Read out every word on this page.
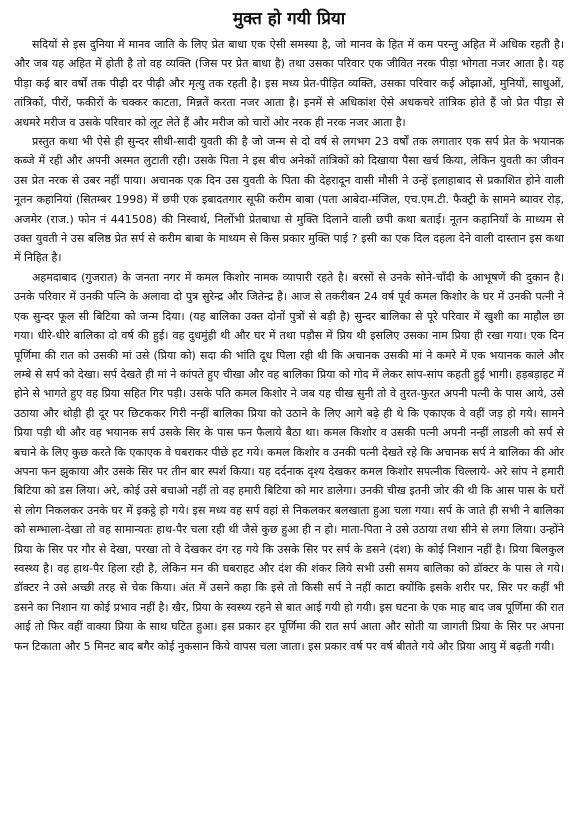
मुक्त हो गयी प्रिया

सदियों से इस दुनिया में मानव जाति के लिए प्रेत बाधा एक ऐसी समस्या है, जो मानव के हित में कम परन्तु अहित में अधिक रहती है। और जब यह अहित में होती है तो वह व्यक्ति (जिस पर प्रेत बाधा है) तथा उसका परिवार एक जीवित नरक पीड़ा भोगता नजर आता है। यह पीड़ा कई बार वर्षों तक पीढ़ी दर पीढ़ी और मृत्यु तक रहती है। इस मध्य प्रेत-पीड़ित व्यक्ति, उसका परिवार कई ओझाओं, मुनियों, साधुओं, तांत्रिकों, पीरों, फकीरों के चक्कर काटता, मिन्नतें करता नजर आता है। इनमें से अधिकांश ऐसे अधकचरे तांत्रिक होते हैं जो प्रेत पीड़ा से अधमरे मरीज व उसके परिवार को लूट लेते हैं और मरीज को चारों ओर नरक ही नरक नजर आता है।

प्रस्तुत कथा भी ऐसे ही सुन्दर सीधी-सादी युवती की है जो जन्म से दो वर्ष से लगभग 23 वर्षों तक लगातार एक सर्प प्रेत के भयानक कब्जे में रही और अपनी अस्मत लुटाती रही। उसके पिता ने इस बीच अनेकों तांत्रिकों को दिखाया पैसा खर्च किया, लेकिन युवती का जीवन उस प्रेत नरक से उबर नहीं पाया। अचानक एक दिन उस युवती के पिता की देहरादून वासी मौसी ने उन्हें इलाहाबाद से प्रकाशित होने वाली नूतन कहानियां (सितम्बर 1998) में छपी एक इबादतगार सूफी करीम बाबा (पता आबेदा-मंजिल, एच.एम.टी. फैक्ट्री के सामने ब्यावर रोड़, अजमेर (राज.) फोन नं 441508) की निस्वार्थ, निर्लोभी प्रेतबाधा से मुक्ति दिलाने वाली छपी कथा बताई। नूतन कहानियाँ के माध्यम से उक्त युवती ने उस बलिष्ठ प्रेत सर्प से करीम बाबा के माध्यम से किस प्रकार मुक्ति पाई ? इसी का एक दिल दहला देने वाली दास्तान इस कथा में निहित है।

अहमदाबाद (गुजरात) के जनता नगर में कमल किशोर नामक व्यापारी रहते है। बरसों से उनके सोने-चाँदी के आभूषणें की दुकान है। उनके परिवार में उनकी पत्नि के अलावा दो पुत्र सुरेन्द्र और जितेन्द्र है। आज से तकरीबन 24 वर्ष पूर्व कमल किशोर के घर में उनकी पत्नी ने एक सुन्दर फूल सी बिटिया को जन्म दिया। (यह बालिका उक्त दोनों पुत्रों से बड़ी है) सुन्दर बालिका से पूरे परिवार में खुशी का माहौल छा गया। धीरे-धीरे बालिका दो वर्ष की हुई। वह दुधमुंही थी और घर में तथा पड़ौस में प्रिय थी इसलिए उसका नाम प्रिया ही रखा गया। एक दिन पूर्णिमा की रात को उसकी मां उसे (प्रिया को) सदा की भांति दूध पिला रही थी कि अचानक उसकी मां ने कमरे में एक भयानक काले और लम्बे से सर्प को देखा। सर्प देखते ही मां ने कांपते हुए चीखा और वह बालिका प्रिया को गोद में लेकर सांप-सांप कहती हुई भागी। हड़बड़ाहट में होने से भागते हुए वह प्रिया सहित गिर पड़ी। उसके पति कमल किशोर ने जब यह चीख सुनी तो वे तुरत-फुरत अपनी पत्नी के पास आये, उसे उठाया और थोड़ी ही दूर पर छिटककर गिरी नन्हीं बालिका प्रिया को उठाने के लिए आगे बढ़े ही थे कि एकाएक वे वहीं जड़ हो गये। सामने प्रिया पड़ी थी और वह भयानक सर्प उसके सिर के पास फन फैलाये बैठा था। कमल किशोर व उसकी पत्नी अपनी नन्हीं लाडली को सर्प से बचाने के लिए कुछ करते कि एकाएक वे घबराकर पीछे हट गये। कमल किशोर व उनकी पत्नी देखते रहे कि अचानक सर्प ने बालिका की ओर अपना फन झुकाया और उसके सिर पर तीन बार स्पर्श किया। यह दर्दनाक दृश्य देखकर कमल किशोर सपत्नीक चिल्लाये- अरे सांप ने हमारी बिटिया को डस लिया। अरे, कोई उसे बचाओ नहीं तो वह हमारी बिटिया को मार डालेगा। उनकी चीख इतनी जोर की थी कि आस पास के घरों से लोग निकलकर उनके घर में इकट्ठे हो गये। इस मध्य वह सर्प वहां से निकलकर बलखाता हुआ चला गया। सर्प के जाते ही सभी ने बालिका को सम्भाला-देखा तो वह सामान्यतः हाथ-पैर चला रही थी जैसे कुछ हुआ ही न हो। माता-पिता ने उसे उठाया तथा सीने से लगा लिया। उन्होंने प्रिया के सिर पर गौर से देखा, परखा तो वे देखकर दंग रह गये कि उसके सिर पर सर्प के डसने (दंश) के कोई निशान नहीं है। प्रिया बिलकुल स्वस्थ्य है। वह हाथ-पैर हिला रही है, लेकिन मन की घबराहट और दंश की शंकर लिये सभी उसी समय बालिका को डॉक्टर के पास ले गये। डॉक्टर ने उसे अच्छी तरह से चेक किया। अंत में उसने कहा कि इसे तो किसी सर्प ने नहीं काटा क्योंकि इसके शरीर पर, सिर पर कहीं भी डसने का निशान या कोई प्रभाव नहीं है। खैर, प्रिया के स्वस्थ्य रहने से बात आई गयी हो गयी। इस घटना के एक माह बाद जब पूर्णिमा की रात आई तो फिर वहीं वाक्या प्रिया के साथ घटित हुआ। इस प्रकार हर पूर्णिमा की रात सर्प आता और सोती या जागती प्रिया के सिर पर अपना फन टिकाता और 5 मिनट बाद बगैर कोई नुकसान किये वापस चला जाता। इस प्रकार वर्ष पर वर्ष बीतते गये और प्रिया आयु में बढ़ती गयी।
